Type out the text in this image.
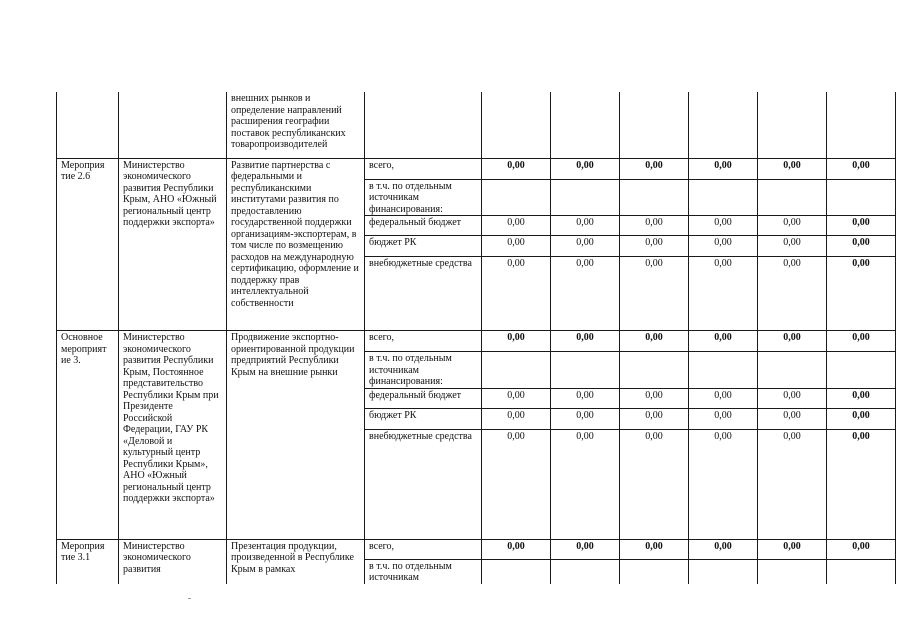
		внешних рынков и определение направлений расширения географии поставок республиканских товаропроизводителей							
Мероприя тие 2.6	Министерство экономического развития Республики Крым, АНО «Южный региональный центр поддержки экспорта»	Развитие партнерства с федеральными и республиканскими институтами развития по предоставлению государственной поддержки организациям-экспортерам, в том числе по возмещению расходов на международную сертификацию, оформление и поддержку прав интеллектуальной собственности	всего,	0,00	0,00	0,00	0,00	0,00	0,00
			в т.ч. по отдельным источникам финансирования:						
			федеральный бюджет	0,00	0,00	0,00	0,00	0,00	0,00
			бюджет РК	0,00	0,00	0,00	0,00	0,00	0,00
			внебюджетные средства	0,00	0,00	0,00	0,00	0,00	0,00
Основное мероприят ие 3.	Министерство экономического развития Республики Крым, Постоянное представительство Республики Крым при Президенте Российской Федерации, ГАУ РК «Деловой и культурный центр Республики Крым», АНО «Южный региональный центр поддержки экспорта»	Продвижение экспортно-ориентированной продукции предприятий Республики Крым на внешние рынки	всего,	0,00	0,00	0,00	0,00	0,00	0,00
			в т.ч. по отдельным источникам финансирования:						
			федеральный бюджет	0,00	0,00	0,00	0,00	0,00	0,00
			бюджет РК	0,00	0,00	0,00	0,00	0,00	0,00
			внебюджетные средства	0,00	0,00	0,00	0,00	0,00	0,00
Мероприя тие 3.1	Министерство экономического развития	Презентация продукции, произведенной в Республике Крым в рамках	всего,	0,00	0,00	0,00	0,00	0,00	0,00
			в т.ч. по отдельным источникам						
